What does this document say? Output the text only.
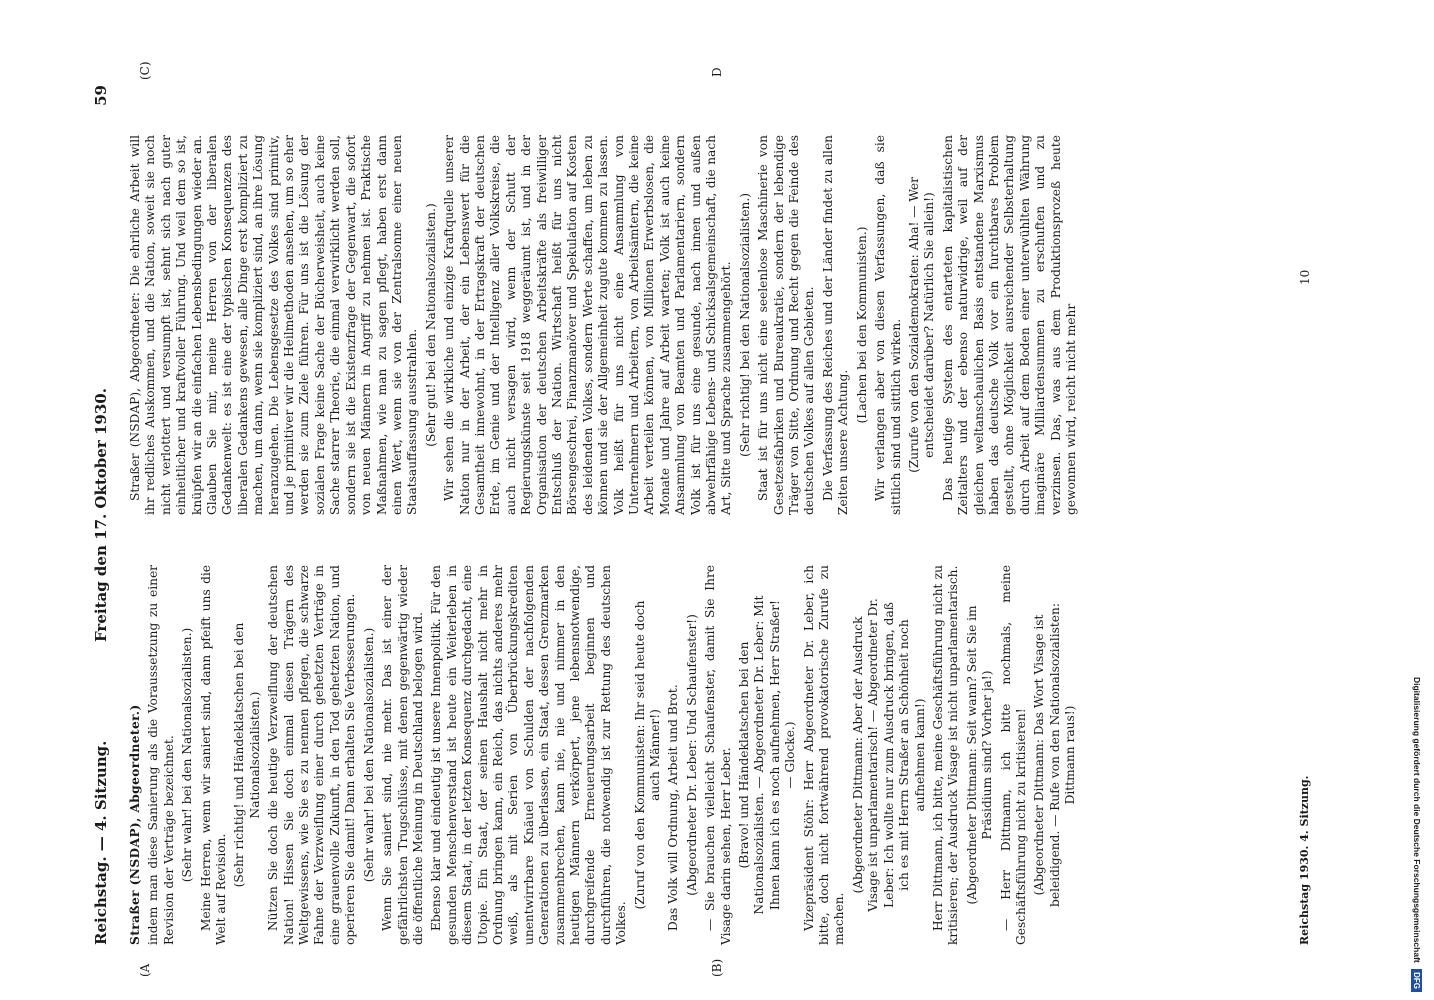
Reichstag. — 4. Sitzung.
Freitag den 17. Oktober 1930.
59
(A	(B)
(C)	D

Straßer (NSDAP), Abgeordneter.) indem man diese Sanierung als die Voraussetzung zu einer Revision der Verträge bezeichnet. (Sehr wahr! bei den Nationalsozialisten.) Meine Herren, wenn wir saniert sind, dann pfeift uns die Welt auf Revision.

(Sehr richtig! und Händeklatschen bei den Nationalsozialisten.) Nützen Sie doch die heutige Verzweiflung der deutschen Nation! Hissen Sie doch einmal diesen Trägern des Weltgewissens, wie Sie es zu nennen pflegen, die schwarze Fahne der Verzweiflung einer durch gehetzten Verträge in eine grauenvolle Zukunft, in den Tod gehetzten Nation, und operieren Sie damit! Dann erhalten Sie Verbesserungen. (Sehr wahr! bei den Nationalsozialisten.) Wenn Sie saniert sind, nie mehr. Das ist einer der gefährlichsten Trugschlüsse, mit denen gegenwärtig wieder die öffentliche Meinung in Deutschland belogen wird. Ebenso klar und eindeutig ist unsere Innenpolitik. Für den gesunden Menschenverstand ist heute ein Weiterleben in diesem Staat, in der letzten Konsequenz durchgedacht, eine Utopie. Ein Staat, der seinen Haushalt nicht mehr in Ordnung bringen kann, ein Reich, das nichts anderes mehr weiß, als mit Serien von Überbrückungskrediten unentwirrbare Knäuel von Schulden der nachfolgenden Generationen zu überlassen, ein Staat, dessen Grenzmarken zusammenbrechen, kann nie, nie und nimmer in den heutigen Männern verkörpert, jene lebensnotwendige, durchgreifende Erneuerungsarbeit beginnen und durchführen, die notwendig ist zur Rettung des deutschen Volkes.

(Zuruf von den Kommunisten: Ihr seid heute doch auch Männer!) Das Volk will Ordnung, Arbeit und Brot. (Abgeordneter Dr. Leber: Und Schaufenster!) — Sie brauchen vielleicht Schaufenster, damit Sie Ihre Visage darin sehen, Herr Leber. (Bravo! und Händeklatschen bei den Nationalsozialisten. — Abgeordneter Dr. Leber: Mit Ihnen kann ich es noch aufnehmen, Herr Straßer! — Glocke.) Vizepräsident Stöhr: Herr Abgeordneter Dr. Leber, ich bitte, doch nicht fortwährend provokatorische Zurufe zu machen.

(Abgeordneter Dittmann: Aber der Ausdruck Visage ist unparlamentarisch! — Abgeordneter Dr. Leber: Ich wollte nur zum Ausdruck bringen, daß ich es mit Herrn Straßer an Schönheit noch aufnehmen kann!) Herr Dittmann, ich bitte, meine Geschäftsführung nicht zu kritisieren; der Ausdruck Visage ist nicht unparlamentarisch. (Abgeordneter Dittmann: Seit wann? Seit Sie im Präsidium sind? Vorher ja!) — Herr Dittmann, ich bitte nochmals, meine Geschäftsführung nicht zu kritisieren! (Abgeordneter Dittmann: Das Wort Visage ist beleidigend. — Rufe von den Nationalsozialisten: Dittmann raus!)

Straßer (NSDAP), Abgeordneter: Die ehrliche Arbeit will ihr redliches Auskommen, und die Nation, soweit sie noch nicht verlottert und versumpft ist, sehnt sich nach guter einheitlicher und kraftvoller Führung. Und weil dem so ist, knüpfen wir an die einfachen Lebensbedingungen wieder an. Glauben Sie mir, meine Herren von der liberalen Gedankenwelt: es ist eine der typischen Konsequenzen des liberalen Gedankens gewesen, alle Dinge erst kompliziert zu machen, um dann, wenn sie kompliziert sind, an ihre Lösung heranzugehen. Die Lebensgesetze des Volkes sind primitiv, und je primitiver wir die Heilmethoden ansehen, um so eher werden sie zum Ziele führen. Für uns ist die Lösung der sozialen Frage keine Sache der Bücherweisheit, auch keine Sache starrer Theorie, die einmal verwirklicht werden soll, sondern sie ist die Existenzfrage der Gegenwart, die sofort von neuen Männern in Angriff zu nehmen ist. Praktische Maßnahmen, wie man zu sagen pflegt, haben erst dann einen Wert, wenn sie von der Zentralsonne einer neuen Staatsauffassung ausstrahlen. (Sehr gut! bei den Nationalsozialisten.) Wir sehen die wirkliche und einzige Kraftquelle unserer Nation nur in der Arbeit, der ein Lebenswert für die Gesamtheit innewohnt, in der Ertragskraft der deutschen Erde, im Genie und der Intelligenz aller Volkskreise, die auch nicht versagen wird, wenn der Schutt der Regierungskünste seit 1918 weggeräumt ist, und in der Organisation der deutschen Arbeitskräfte als freiwilliger Entschluß der Nation. Wirtschaft heißt für uns nicht Börsengeschrei, Finanzmanöver und Spekulation auf Kosten des leidenden Volkes, sondern Werte schaffen, um leben zu können und sie der Allgemeinheit zugute kommen zu lassen. Volk heißt für uns nicht eine Ansammlung von Unternehmern und Arbeitern, von Arbeitsämtern, die keine Arbeit verteilen können, von Millionen Erwerbslosen, die Monate und Jahre auf Arbeit warten; Volk ist auch keine Ansammlung von Beamten und Parlamentariern, sondern Volk ist für uns eine gesunde, nach innen und außen abwehrfähige Lebens- und Schicksalsgemeinschaft, die nach Art, Sitte und Sprache zusammengehört. (Sehr richtig! bei den Nationalsozialisten.) Staat ist für uns nicht eine seelenlose Maschinerie von Gesetzesfabriken und Bureaukratie, sondern der lebendige Träger von Sitte, Ordnung und Recht gegen die Feinde des deutschen Volkes auf allen Gebieten. Die Verfassung des Reiches und der Länder findet zu allen Zeiten unsere Achtung.

(Lachen bei den Kommunisten.) Wir verlangen aber von diesen Verfassungen, daß sie sittlich sind und sittlich wirken. (Zurufe von den Sozialdemokraten: Aha! — Wer entscheidet darüber? Natürlich Sie allein!) Das heutige System des entarteten kapitalistischen Zeitalters und der ebenso naturwidrige, weil auf der gleichen weltanschaulichen Basis entstandene Marxismus haben das deutsche Volk vor ein furchtbares Problem gestellt, ohne Möglichkeit ausreichender Selbsterhaltung durch Arbeit auf dem Boden einer unterwühlten Währung imaginäre Milliardensummen zu erschuften und zu verzinsen. Das, was aus dem Produktionsprozeß heute gewonnen wird, reicht nicht mehr

Reichstag 1930. 4. Sitzung.
10
Digitalisierung gefördert durch die Deutsche Forschungsgemeinschaft DFG
